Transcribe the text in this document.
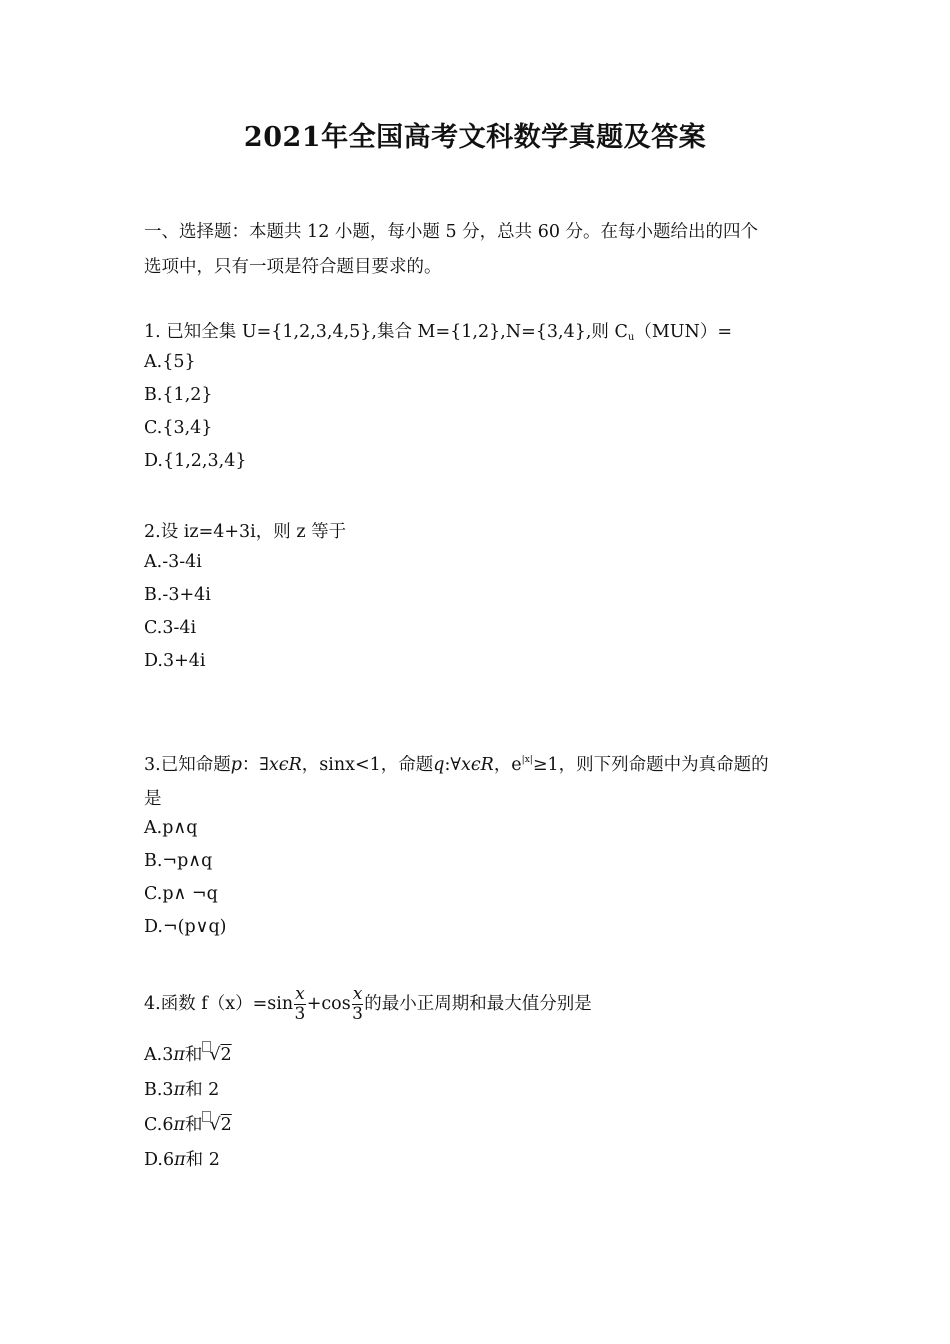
2021年全国高考文科数学真题及答案
一、选择题：本题共 12 小题，每小题 5 分，总共 60 分。在每小题给出的四个
选项中，只有一项是符合题目要求的。
1. 已知全集 U={1,2,3,4,5},集合 M={1,2},N={3,4},则 $C_u(MUN)=$
A.{5}
B.{1,2}
C.{3,4}
D.{1,2,3,4}
2.设 iz=4+3i，则 z 等于
A.-3-4i
B.-3+4i
C.3-4i
D.3+4i
3.已知命题p：∃xϵR，sinx<1，命题q:∀xϵR，$e^{|x|}\ge 1$，则下列命题中为真命题的
是
A.p∧q
B.¬p∧q
C.p∧ ¬q
D.¬(p∨q)
4.函数 $f(x)=\sin \frac{x}{3} +\cos \frac{x}{3}$ 的最小正周期和最大值分别是
A.3π和 √2
B.3π和 2
C.6π和 √2
D.6π和 2
